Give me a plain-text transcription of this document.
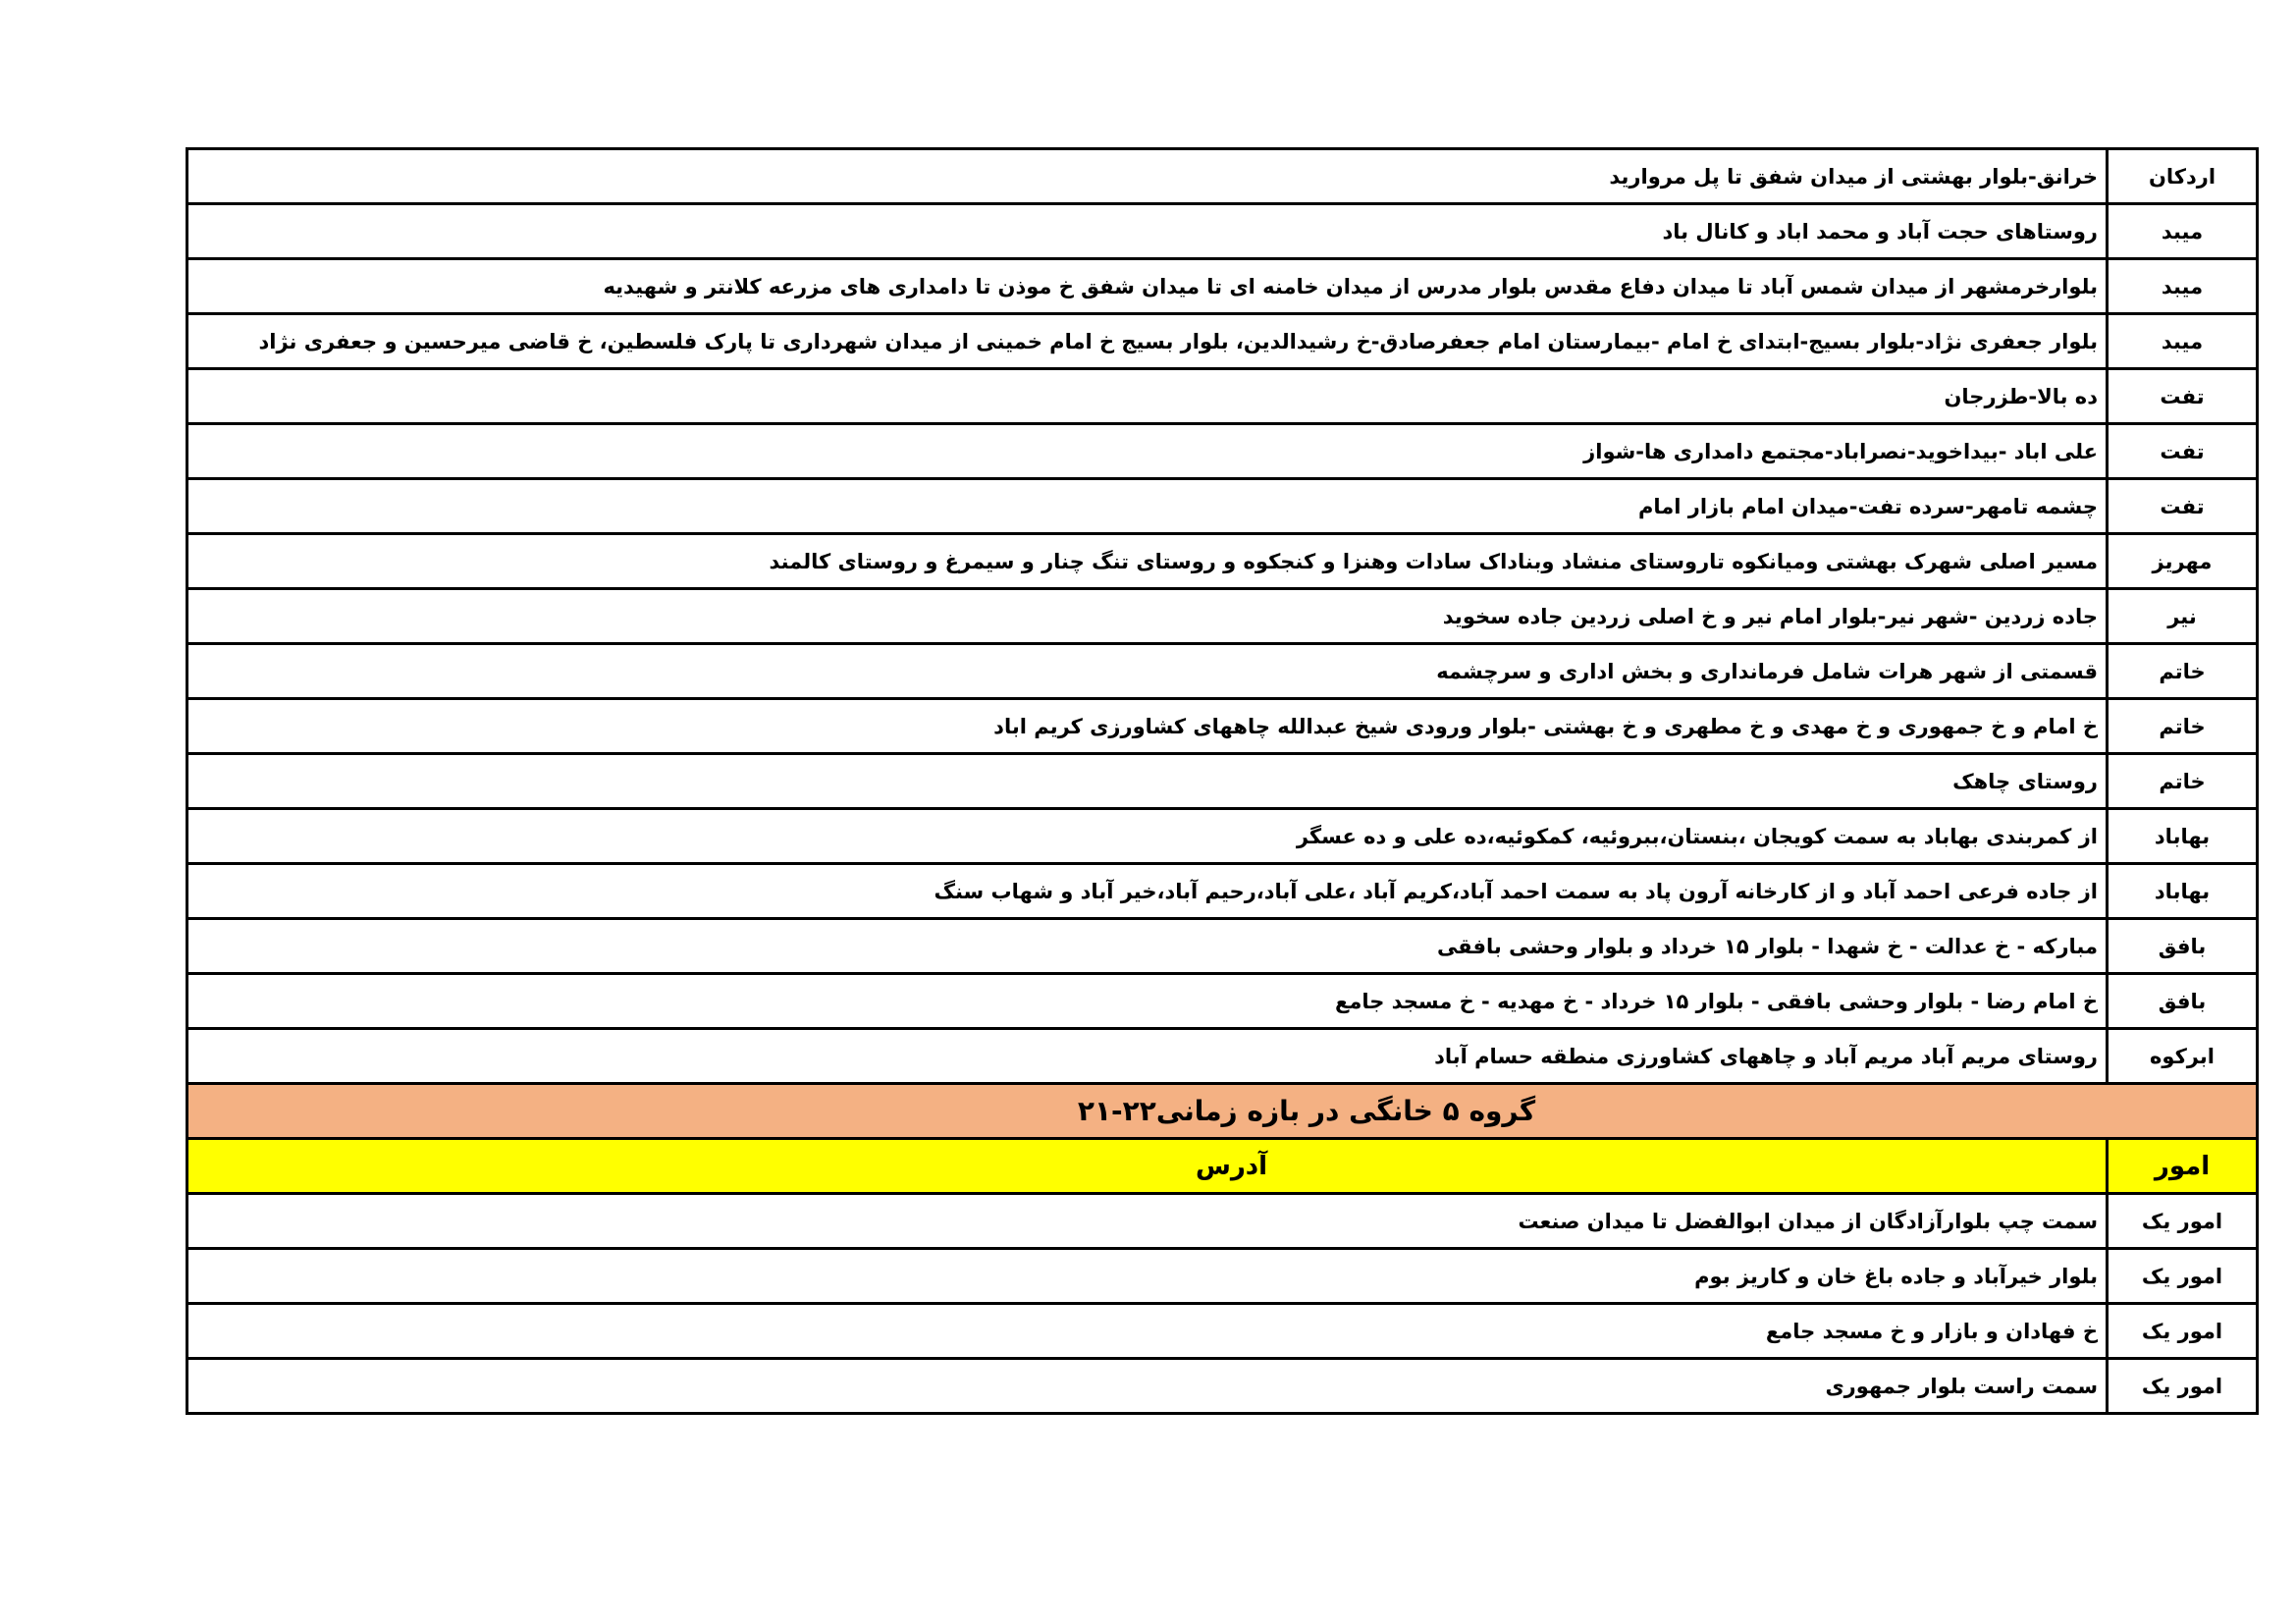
اردکان	خرانق-بلوار بهشتی از میدان شفق تا پل مروارید
میبد	روستاهای حجت آباد و محمد اباد و کانال باد
میبد	بلوارخرمشهر از میدان شمس آباد تا میدان دفاع مقدس بلوار مدرس از میدان خامنه ای تا میدان شفق خ موذن تا دامداری های مزرعه کلانتر و شهیدیه
میبد	بلوار جعفری نژاد-بلوار بسیج-ابتدای خ امام -بیمارستان امام جعفرصادق-خ رشیدالدین، بلوار بسیج خ امام خمینی از میدان شهرداری تا پارک فلسطین، خ قاضی میرحسین و جعفری نژاد
تفت	ده بالا-طزرجان
تفت	علی اباد -بیداخوید-نصراباد-مجتمع دامداری ها-شواز
تفت	چشمه تامهر-سرده تفت-میدان امام بازار امام
مهریز	مسیر اصلی شهرک بهشتی ومیانکوه تاروستای منشاد وبناداک سادات وهنزا و کنجکوه و روستای تنگ چنار و سیمرغ و روستای کالمند
نیر	جاده زردین -شهر نیر-بلوار امام نیر و خ اصلی زردین جاده سخوید
خاتم	قسمتی از شهر هرات شامل فرمانداری و بخش اداری و سرچشمه
خاتم	خ امام و خ جمهوری و خ مهدی و خ مطهری و خ بهشتی -بلوار ورودی شیخ عبدالله چاههای کشاورزی کریم اباد
خاتم	روستای چاهک
بهاباد	از کمربندی بهاباد به سمت کویجان ،بنستان،ببروئیه، کمکوئیه،ده علی و ده عسگر
بهاباد	از جاده فرعی احمد آباد و از کارخانه آرون پاد به سمت احمد آباد،کریم آباد ،علی آباد،رحیم آباد،خیر آباد و شهاب سنگ
بافق	مبارکه - خ عدالت - خ شهدا - بلوار ۱۵ خرداد و بلوار وحشی بافقی
بافق	خ امام رضا - بلوار وحشی بافقی - بلوار ۱۵ خرداد - خ مهدیه - خ مسجد جامع
ابرکوه	روستای مریم آباد مریم آباد و چاههای کشاورزی منطقه حسام آباد
گروه ۵ خانگی در بازه زمانی۲۲-۲۱	
امور	آدرس
امور یک	سمت چپ بلوارآزادگان از میدان ابوالفضل تا میدان صنعت
امور یک	بلوار خیرآباد و جاده باغ خان و کاریز بوم
امور یک	خ فهادان و بازار و خ مسجد جامع
امور یک	سمت راست بلوار جمهوری
